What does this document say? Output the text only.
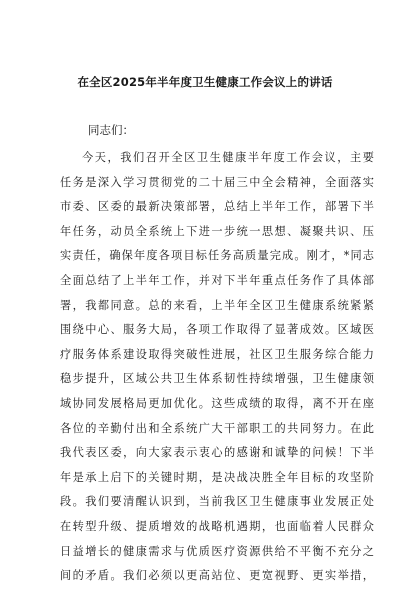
在全区2025年半年度卫生健康工作会议上的讲话
同志们：
今天，我们召开全区卫生健康半年度工作会议，主要
任务是深入学习贯彻党的二十届三中全会精神，全面落实
市委、区委的最新决策部署，总结上半年工作，部署下半
年任务，动员全系统上下进一步统一思想、凝聚共识、压
实责任，确保年度各项目标任务高质量完成。刚才，*同志
全面总结了上半年工作，并对下半年重点任务作了具体部
署，我都同意。总的来看，上半年全区卫生健康系统紧紧
围绕中心、服务大局，各项工作取得了显著成效。区域医
疗服务体系建设取得突破性进展，社区卫生服务综合能力
稳步提升，区域公共卫生体系韧性持续增强，卫生健康领
域协同发展格局更加优化。这些成绩的取得，离不开在座
各位的辛勤付出和全系统广大干部职工的共同努力。在此
我代表区委，向大家表示衷心的感谢和诚挚的问候！下半
年是承上启下的关键时期，是决战决胜全年目标的攻坚阶
段。我们要清醒认识到，当前我区卫生健康事业发展正处
在转型升级、提质增效的战略机遇期，也面临着人民群众
日益增长的健康需求与优质医疗资源供给不平衡不充分之
间的矛盾。我们必须以更高站位、更宽视野、更实举措，
